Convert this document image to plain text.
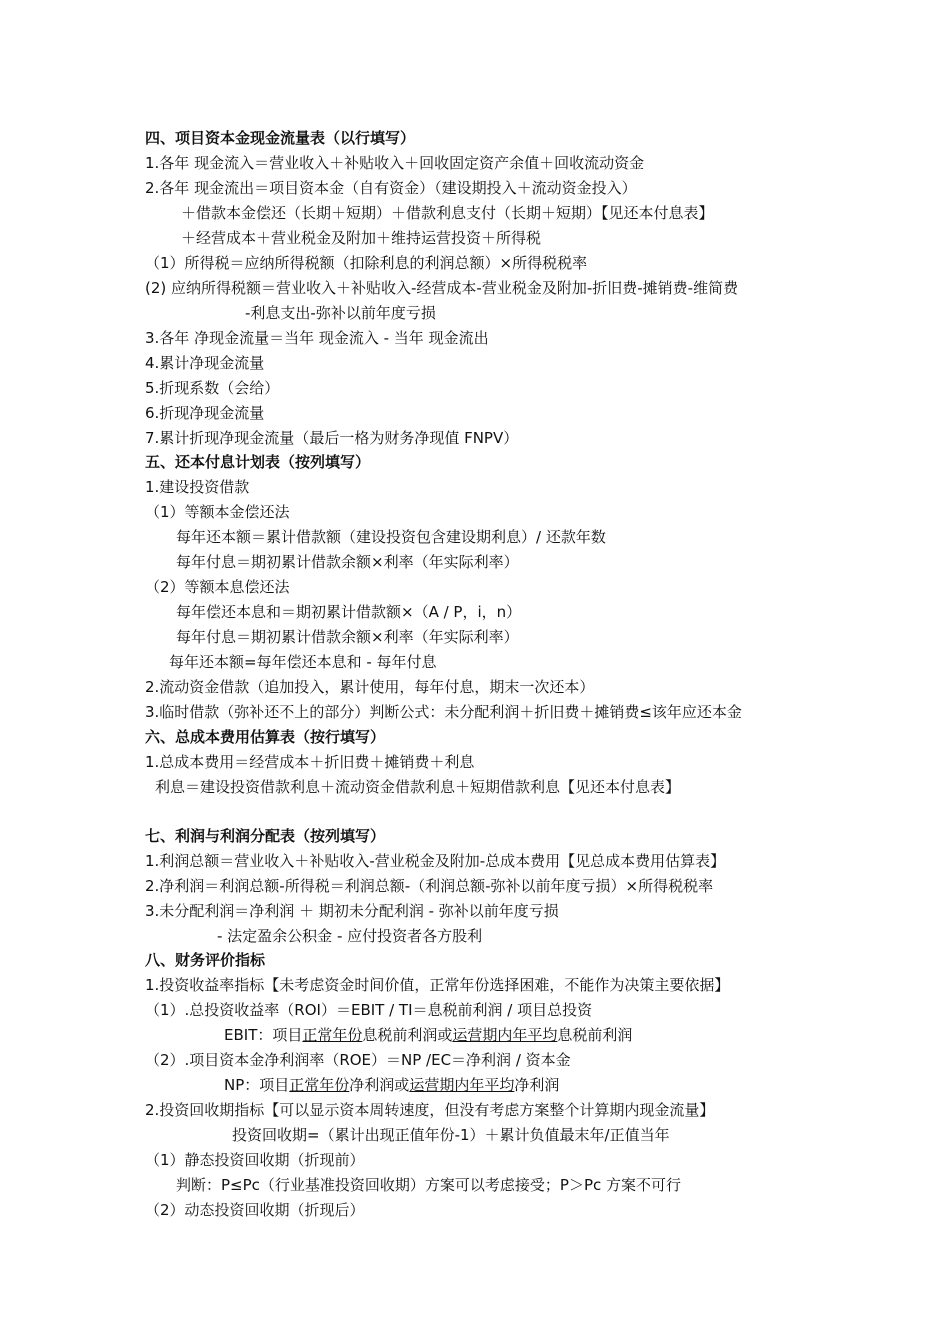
四、项目资本金现金流量表（以行填写）
1.各年 现金流入＝营业收入＋补贴收入＋回收固定资产余值＋回收流动资金
2.各年 现金流出＝项目资本金（自有资金）（建设期投入＋流动资金投入）
＋借款本金偿还（长期＋短期）＋借款利息支付（长期＋短期）【见还本付息表】
＋经营成本＋营业税金及附加＋维持运营投资＋所得税
（1）所得税＝应纳所得税额（扣除利息的利润总额）×所得税税率
(2) 应纳所得税额＝营业收入＋补贴收入-经营成本-营业税金及附加-折旧费-摊销费-维简费
-利息支出-弥补以前年度亏损
3.各年 净现金流量＝当年 现金流入 - 当年 现金流出
4.累计净现金流量
5.折现系数（会给）
6.折现净现金流量
7.累计折现净现金流量（最后一格为财务净现值 FNPV）
五、还本付息计划表（按列填写）
1.建设投资借款
（1）等额本金偿还法
每年还本额＝累计借款额（建设投资包含建设期利息）/ 还款年数
每年付息＝期初累计借款余额×利率（年实际利率）
（2）等额本息偿还法
每年偿还本息和＝期初累计借款额×（A / P，i，n）
每年付息＝期初累计借款余额×利率（年实际利率）
每年还本额=每年偿还本息和 - 每年付息
2.流动资金借款（追加投入，累计使用，每年付息，期末一次还本）
3.临时借款（弥补还不上的部分）判断公式：未分配利润＋折旧费＋摊销费≤该年应还本金
六、总成本费用估算表（按行填写）
1.总成本费用＝经营成本＋折旧费＋摊销费＋利息
利息＝建设投资借款利息＋流动资金借款利息＋短期借款利息【见还本付息表】
七、利润与利润分配表（按列填写）
1.利润总额＝营业收入＋补贴收入-营业税金及附加-总成本费用【见总成本费用估算表】
2.净利润＝利润总额-所得税＝利润总额-（利润总额-弥补以前年度亏损）×所得税税率
3.未分配利润＝净利润 ＋ 期初未分配利润 - 弥补以前年度亏损
- 法定盈余公积金 - 应付投资者各方股利
八、财务评价指标
1.投资收益率指标【未考虑资金时间价值，正常年份选择困难，不能作为决策主要依据】
（1）.总投资收益率（ROI）＝EBIT / TI＝息税前利润 / 项目总投资
EBIT：项目正常年份息税前利润或运营期内年平均息税前利润
（2）.项目资本金净利润率（ROE）＝NP /EC＝净利润 / 资本金
NP：项目正常年份净利润或运营期内年平均净利润
2.投资回收期指标【可以显示资本周转速度，但没有考虑方案整个计算期内现金流量】
投资回收期=（累计出现正值年份-1）＋累计负值最末年/正值当年
（1）静态投资回收期（折现前）
判断：P≤Pc（行业基准投资回收期）方案可以考虑接受；P＞Pc 方案不可行
（2）动态投资回收期（折现后）
